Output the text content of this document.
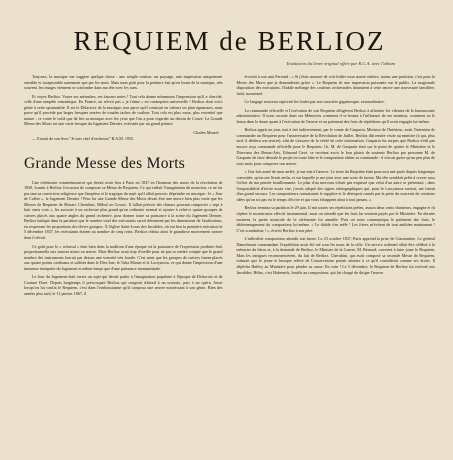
REQUIEM de BERLIOZ
Traduction du livret original offert par R.C.A. avec l'album

Toujours, la musique me suggère quelque chose : une simple couleur, un paysage, une impression uniquement sensible et incapturable autrement que par les mots. Mais mon goût pour la peinture fait qu'en lisant de la musique, très souvent, les images viennent se confondre dans ma tête avec les sons.

Et voyez Berlioz. Voyez ses méandres, ses fausses notes ! Tout cela donne néanmoins l'impression qu'il a cherché, celle d'une tempête romantique. En France, on n'écrit pas « je t'aime » en contrepoint universelle ! Berlioz dont voici génie à cette spontanéité. Il est le Delacroix de la musique, non parce qu'il construit en valeurs un plan éganeuses, mais parce qu'il procède par larges fresques serrées de tonales taches de couleur. Tout cela est plus vaste, plus essentiel que nature : ce conte le voilà que de lire sa musique avec les yeux que l'on a pour regarder un dessin de Couzé. La Grande Messe des Morts est une vaste fresque du Jugement Dernier, exécutée par un grand peintre.

Charles Munch
— Extrait de son livre "Je suis chef d'orchestre" B.A.M. 1955.
Grande Messe des Morts

Une cérémonie commémorative qui devait avoir lieu à Paris en 1837 en l'honneur des morts de la révolution de 1830, fournit à Berlioz l'occasion de composer sa Messe de Requiem. Ce qui enflait l'imagination du musicien, ce ne fut pas tant sa conviction religieuse que l'ampleur et le tragique du sujet qu'il allait pouvoir dépeindre en musique : le « Jour de Colère », le Jugement Dernier ! Pour lui une Grande Messe des Morts devait être une œuvre bien plus vaste que les Messes de Requiem de Mozart, Cherubini, Méhul ou Gossec. Il fallait prévoir des chœurs pouvant comporter « sept à huit cents voix », les associer à un orchestre plus grand qu'on ordinaire normal et ajouter à celui-ci quatre groupes de cuivres placés aux quatre angles du grand orchestre, pour donner toute sa puissance à la scène du Jugement Dernier. Berlioz indique dans la partition que le nombre total des exécutants serait déterminé par les dimensions de l'auditorium, en respectant les proportions des divers groupes. À l'église Saint-Louis des Invalides, où eut lieu la première exécution le 5 décembre 1837, les exécutants étaient au nombre de cinq cents. Berlioz réalisa ainsi le grandiose mouvement sonore dont il rêvait.

Ce goût pour le « colossal » était bien dans la tradition d'une époque où la puissance de l'expression produite était proportionnelle aux masses mises en œuvre. Mais Berlioz avait trop d'oreille pour ne pas se rendre compte que le grand nombre des instruments fournit par dessus une sonorité très lourde. C'est ainsi que les groupes de cuivres furent placés aux quatre points cardinaux et utilisés dans le Dies Irae, le Tuba Mirum et le Lacrymosa, ce qui donne l'impression d'une immense trompette du Jugement et même temps que d'une puissance monumentale.

Le Jour du Jugement était certes un sujet qui devait parler à l'imagination populaire à l'époque de Delacroix et de Couture Doré. Depuis longtemps il préoccupait Berlioz qui songeait d'abord à un oratorio, puis à un opéra. Aussi lorsqu'on lui confia le Requiem, c'est dans l'enthousiasme qu'il composa une œuvre nourrissant à son génie. Bien des années plus tard, le 11 janvier 1867, il

écrivait à son ami Ferrand : « Si j'étais menacé de voir brûler mon œuvre entière, moins une partition, c'est pour la Messe des Morts que je demanderais grâce ». Le Requiem fit une impression puissante sur le public. La magistrale disposition des exécutants, l'habile mélange des couleurs orchestrales donnaient à cette œuvre une nouveauté familière, fatal, surnaturel.

Ce langage nouveau captivait les foules par son caractère gigantesque, extraordinaire.

La commande officielle et l'exécution de son Requiem obligèrent Berlioz à affronter les vilenies de la bureaucratie administrative. Il nous raconte dans ses Mémoires comment il se heurta à l'influence de ses ennemis, comment on le laissa dans le doute quant à l'exécution de l'œuvre et au paiement des frais de répétitions qu'il avait engagés lui-même.

Berlioz apprit un jour, tout à fait indirectement, par le comte de Gasparin, Ministre de l'Intérieur, avait l'intention de commander un Requiem pour l'anniversaire de la Révolution de Juillet. Berlioz dût rendre visite au ministre (à qui, plus tard, il dédiera son œuvre), afin de s'assurer de la vérité de cette information. Gasparin fut surpris que Berlioz n'eût pas encore reçu commande officielle pour le Requiem. Or, M. de Gasparin était sur le point de quitter le Ministère et le Directeur des Beaux-Arts, Edmond Cavé, se recréant avoir le bon plaisir de soutenir Berlioz par personne M. de Gasparin de faire déroule le projet en toute hâte et le compositeur obtint sa commande : il n'avait guère qu'un peu plus de trois mois pour composer son œuvre.

« Une fois armé de mon arrêté, je me mis à l'œuvre. Le texte du Requiem était pour moi une proie depuis longtemps convoitée, qu'on me livrait enfin, et sur laquelle je me jetai avec une sorte de fureur. Ma tête semblait prête à crever sous l'effort de ma pensée bouillonnante. Le plan d'un morceau n'était pas esquissé que celui d'un autre se présentait ; dans l'impossibilité d'écrire assez vite, j'avais adopté des signes sténographiques qui, pour le Lacrymosa surtout, me furent d'un grand secours. Les compositeurs connaissent le supplice et le désespoir causés par la perte du souvenir de certaines idées qu'on n'a pas eu le temps d'écrire et qui vous échappent ainsi à tout jamais. »

Berlioz termina sa partition le 29 juin. Il mit toutes ses répétitions prêtes, assura deux cents chanteurs, engagea et fit répéter le monstrueux effectif instrumental, mais on attendit que les frais lui seraient payés par le Ministère. En dernier moment, la partie musicale de la cérémonie fut annulée. Puis on nous communiqua le paiement des frais, le dédommagement du compositeur lui-même. « Le diable s'en mêle ! Les frères m'évitent de tout antibien maintenant ! C'est scandaleux ! », écrivit Berlioz à son père.

L'inflexible compositeur attendit son heure. Le 23 octobre 1837, Paris apprend la prise de Constantine. Le général Damrémont commandant l'expédition avait été tué sous les murs de la ville. Un service solennel allait être célébré à la mémoire du héros et, à la demande de Berlioz, le Ministre de la Guerre, M. Bernard, convient à faire jouer le Requiem. Mais les intrigues recommencèrent, du fait de Berlioz. Cherubini, qui avait composé sa seconde Messe de Requiem, estimait que le jeune et brusque relève de Conservatoire portait atteinte à ce qu'il considérait comme ses droits. Il dépêcha Halévy au Ministère pour plaider sa cause. En vain ! Le 5 décembre, le Requiem de Berlioz fut exécuté aux Invalides. Hélas, c'est Habeneck, hostile au compositeur, qui fut chargé de diriger l'œuvre.
